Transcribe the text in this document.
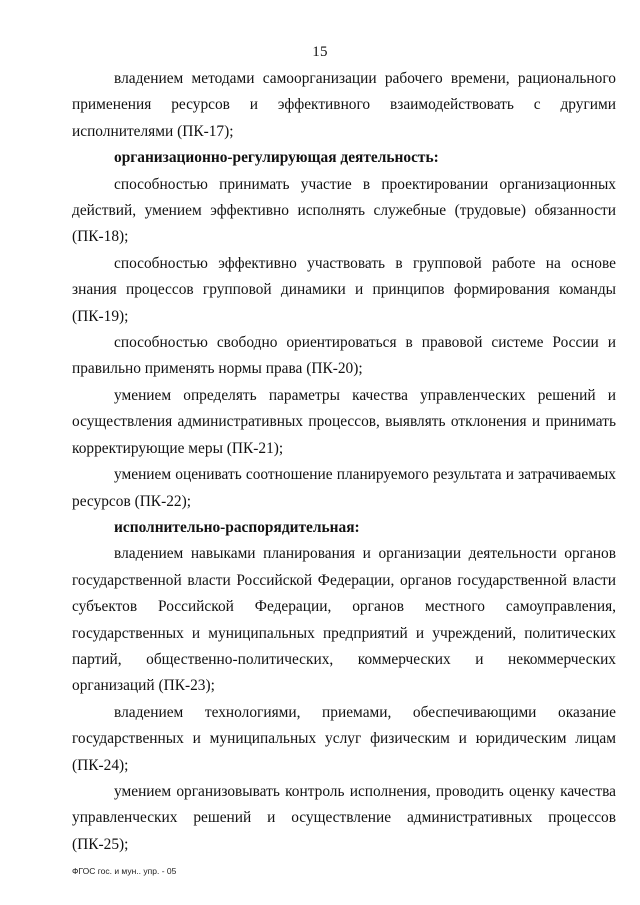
15

владением методами самоорганизации рабочего времени, рационального применения ресурсов и эффективного взаимодействовать с другими исполнителями (ПК-17);

организационно-регулирующая деятельность:

способностью принимать участие в проектировании организационных действий, умением эффективно исполнять служебные (трудовые) обязанности (ПК-18);

способностью эффективно участвовать в групповой работе на основе знания процессов групповой динамики и принципов формирования команды (ПК-19);

способностью свободно ориентироваться в правовой системе России и правильно применять нормы права (ПК-20);

умением определять параметры качества управленческих решений и осуществления административных процессов, выявлять отклонения и принимать корректирующие меры (ПК-21);

умением оценивать соотношение планируемого результата и затрачиваемых ресурсов (ПК-22);

исполнительно-распорядительная:

владением навыками планирования и организации деятельности органов государственной власти Российской Федерации, органов государственной власти субъектов Российской Федерации, органов местного самоуправления, государственных и муниципальных предприятий и учреждений, политических партий, общественно-политических, коммерческих и некоммерческих организаций (ПК-23);

владением технологиями, приемами, обеспечивающими оказание государственных и муниципальных услуг физическим и юридическим лицам (ПК-24);

умением организовывать контроль исполнения, проводить оценку качества управленческих решений и осуществление административных процессов (ПК-25);

ФГОС гос. и мун.. упр. - 05
